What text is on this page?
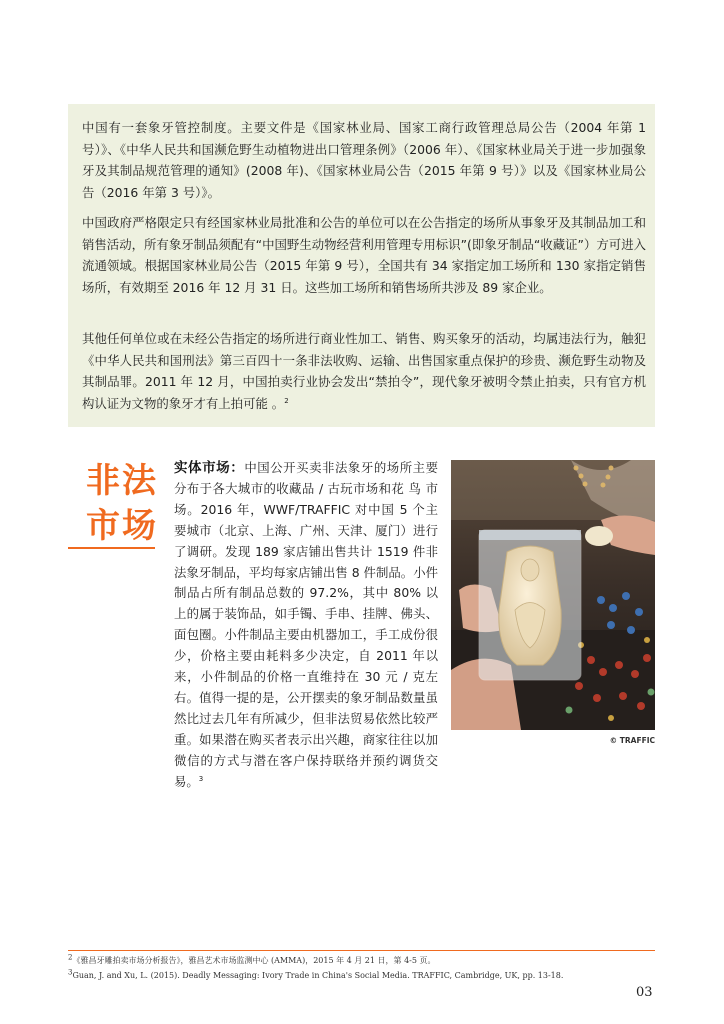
中国有一套象牙管控制度。主要文件是《国家林业局、国家工商行政管理总局公告（2004 年第 1 号）》、《中华人民共和国濒危野生动植物进出口管理条例》（2006 年）、《国家林业局关于进一步加强象牙及其制品规范管理的通知》(2008 年)、《国家林业局公告（2015 年第 9 号）》以及《国家林业局公告（2016 年第 3 号）》。

中国政府严格限定只有经国家林业局批准和公告的单位可以在公告指定的场所从事象牙及其制品加工和销售活动，所有象牙制品须配有“中国野生动物经营利用管理专用标识”(即象牙制品“收藏证”）方可进入流通领域。根据国家林业局公告（2015 年第 9 号），全国共有 34 家指定加工场所和 130 家指定销售场所，有效期至 2016 年 12 月 31 日。这些加工场所和销售场所共涉及 89 家企业。

其他任何单位或在未经公告指定的场所进行商业性加工、销售、购买象牙的活动，均属违法行为，触犯《中华人民共和国刑法》第三百四十一条非法收购、运输、出售国家重点保护的珍贵、濒危野生动物及其制品罪。2011 年 12 月，中国拍卖行业协会发出“禁拍令”，现代象牙被明令禁止拍卖，只有官方机构认证为文物的象牙才有上拍可能 。$^2$

非法

市场

实体市场：中国公开买卖非法象牙的场所主要分布于各大城市的收藏品 / 古玩市场和花 鸟 市 场。2016 年，WWF/TRAFFIC 对中国 5 个主要城市（北京、上海、广州、天津、厦门）进行了调研。发现 189 家店铺出售共计 1519 件非法象牙制品，平均每家店铺出售 8 件制品。小件制品占所有制品总数的 97.2%，其中 80% 以上的属于装饰品，如手镯、手串、挂牌、佛头、面包圈。小件制品主要由机器加工，手工成份很少，价格主要由耗料多少决定，自 2011 年以来，小件制品的价格一直维持在 30 元 / 克左右。值得一提的是，公开摆卖的象牙制品数量虽然比过去几年有所减少，但非法贸易依然比较严重。如果潜在购买者表示出兴趣，商家往往以加微信的方式与潜在客户保持联络并预约调货交易。$^3$

© TRAFFIC

$^2$《雅昌牙雕拍卖市场分析报告》，雅昌艺术市场监测中心 (AMMA)，2015 年 4 月 21 日，第 4-5 页。

$^3$Guan, J. and Xu, L. (2015). Deadly Messaging: Ivory Trade in China's Social Media. TRAFFIC, Cambridge, UK, pp. 13-18.

03
